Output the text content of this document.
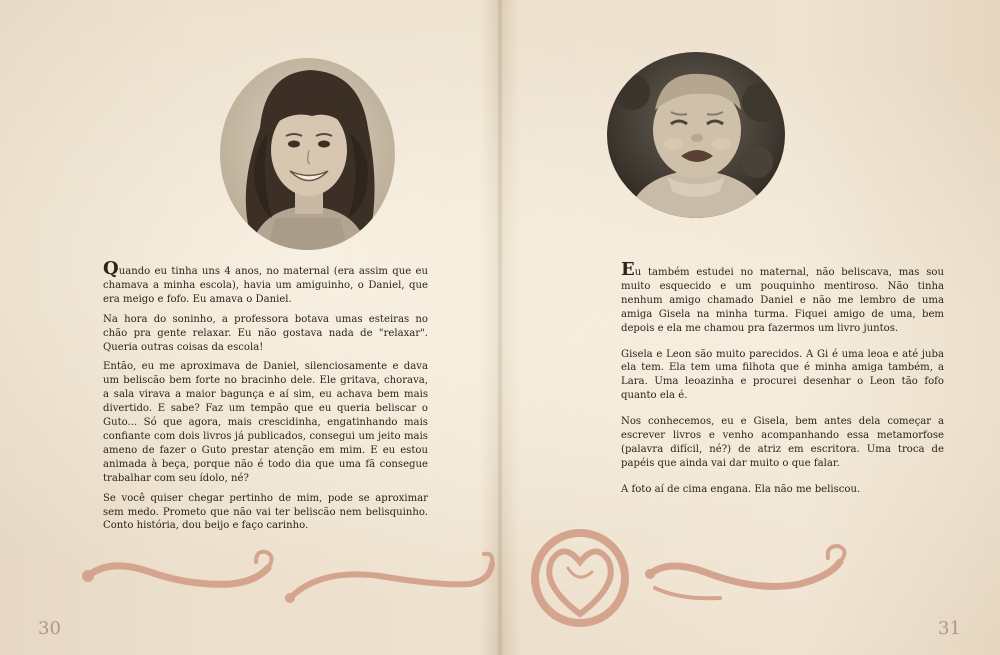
Quando eu tinha uns 4 anos, no maternal (era assim que eu chamava a minha escola), havia um amiguinho, o Daniel, que era meigo e fofo. Eu amava o Daniel.

Na hora do soninho, a professora botava umas esteiras no chão pra gente relaxar. Eu não gostava nada de "relaxar". Queria outras coisas da escola!

Então, eu me aproximava de Daniel, silenciosamente e dava um beliscão bem forte no bracinho dele. Ele gritava, chorava, a sala virava a maior bagunça e aí sim, eu achava bem mais divertido. E sabe? Faz um tempão que eu queria beliscar o Guto... Só que agora, mais crescidinha, engatinhando mais confiante com dois livros já publicados, consegui um jeito mais ameno de fazer o Guto prestar atenção em mim. E eu estou animada à beça, porque não é todo dia que uma fã consegue trabalhar com seu ídolo, né?

Se você quiser chegar pertinho de mim, pode se aproximar sem medo. Prometo que não vai ter beliscão nem belisquinho. Conto história, dou beijo e faço carinho.

Eu também estudei no maternal, não beliscava, mas sou muito esquecido e um pouquinho mentiroso. Não tinha nenhum amigo chamado Daniel e não me lembro de uma amiga Gisela na minha turma. Fiquei amigo de uma, bem depois e ela me chamou pra fazermos um livro juntos.

Gisela e Leon são muito parecidos. A Gi é uma leoa e até juba ela tem. Ela tem uma filhota que é minha amiga também, a Lara. Uma leoazinha e procurei desenhar o Leon tão fofo quanto ela é.

Nos conhecemos, eu e Gisela, bem antes dela começar a escrever livros e venho acompanhando essa metamorfose (palavra difícil, né?) de atriz em escritora. Uma troca de papéis que ainda vai dar muito o que falar.

A foto aí de cima engana. Ela não me beliscou.

30	31
